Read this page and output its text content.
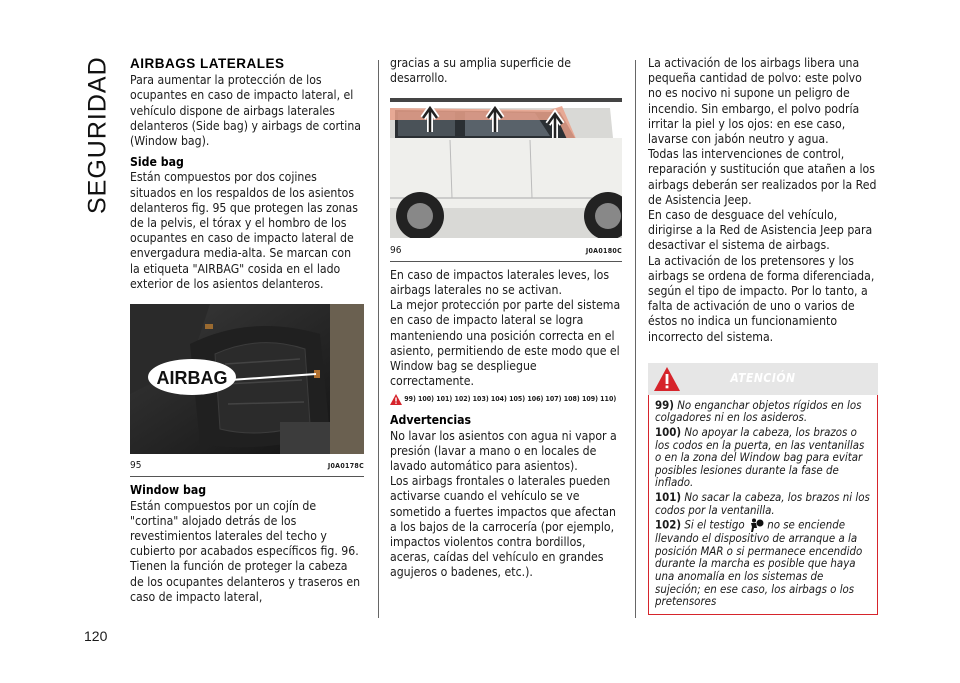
SEGURIDAD
120
AIRBAGS LATERALES

Para aumentar la protección de los ocupantes en caso de impacto lateral, el vehículo dispone de airbags laterales delanteros (Side bag) y airbags de cortina (Window bag).

Side bag

Están compuestos por dos cojines situados en los respaldos de los asientos delanteros fig. 95 que protegen las zonas de la pelvis, el tórax y el hombro de los ocupantes en caso de impacto lateral de envergadura media-alta. Se marcan con la etiqueta "AIRBAG" cosida en el lado exterior de los asientos delanteros.

AIRBAG
95	J0A0178C
Window bag

Están compuestos por un cojín de "cortina" alojado detrás de los revestimientos laterales del techo y cubierto por acabados específicos fig. 96. Tienen la función de proteger la cabeza de los ocupantes delanteros y traseros en caso de impacto lateral,

gracias a su amplia superficie de desarrollo.

96	J0A0180C

En caso de impactos laterales leves, los airbags laterales no se activan.

La mejor protección por parte del sistema en caso de impacto lateral se logra manteniendo una posición correcta en el asiento, permitiendo de este modo que el Window bag se despliegue correctamente.

99) 100) 101) 102) 103) 104) 105) 106) 107) 108) 109) 110)
Advertencias

No lavar los asientos con agua ni vapor a presión (lavar a mano o en locales de lavado automático para asientos).

Los airbags frontales o laterales pueden activarse cuando el vehículo se ve sometido a fuertes impactos que afectan a los bajos de la carrocería (por ejemplo, impactos violentos contra bordillos, aceras, caídas del vehículo en grandes agujeros o badenes, etc.).

La activación de los airbags libera una pequeña cantidad de polvo: este polvo no es nocivo ni supone un peligro de incendio. Sin embargo, el polvo podría irritar la piel y los ojos: en ese caso, lavarse con jabón neutro y agua.

Todas las intervenciones de control, reparación y sustitución que atañen a los airbags deberán ser realizados por la Red de Asistencia Jeep.

En caso de desguace del vehículo, dirigirse a la Red de Asistencia Jeep para desactivar el sistema de airbags.

La activación de los pretensores y los airbags se ordena de forma diferenciada, según el tipo de impacto. Por lo tanto, a falta de activación de uno o varios de éstos no indica un funcionamiento incorrecto del sistema.

ATENCIÓN
99) No enganchar objetos rígidos en los colgadores ni en los asideros.
100) No apoyar la cabeza, los brazos o los codos en la puerta, en las ventanillas o en la zona del Window bag para evitar posibles lesiones durante la fase de inflado.
101) No sacar la cabeza, los brazos ni los codos por la ventanilla.
102) Si el testigo no se enciende llevando el dispositivo de arranque a la posición MAR o si permanece encendido durante la marcha es posible que haya una anomalía en los sistemas de sujeción; en ese caso, los airbags o los pretensores
